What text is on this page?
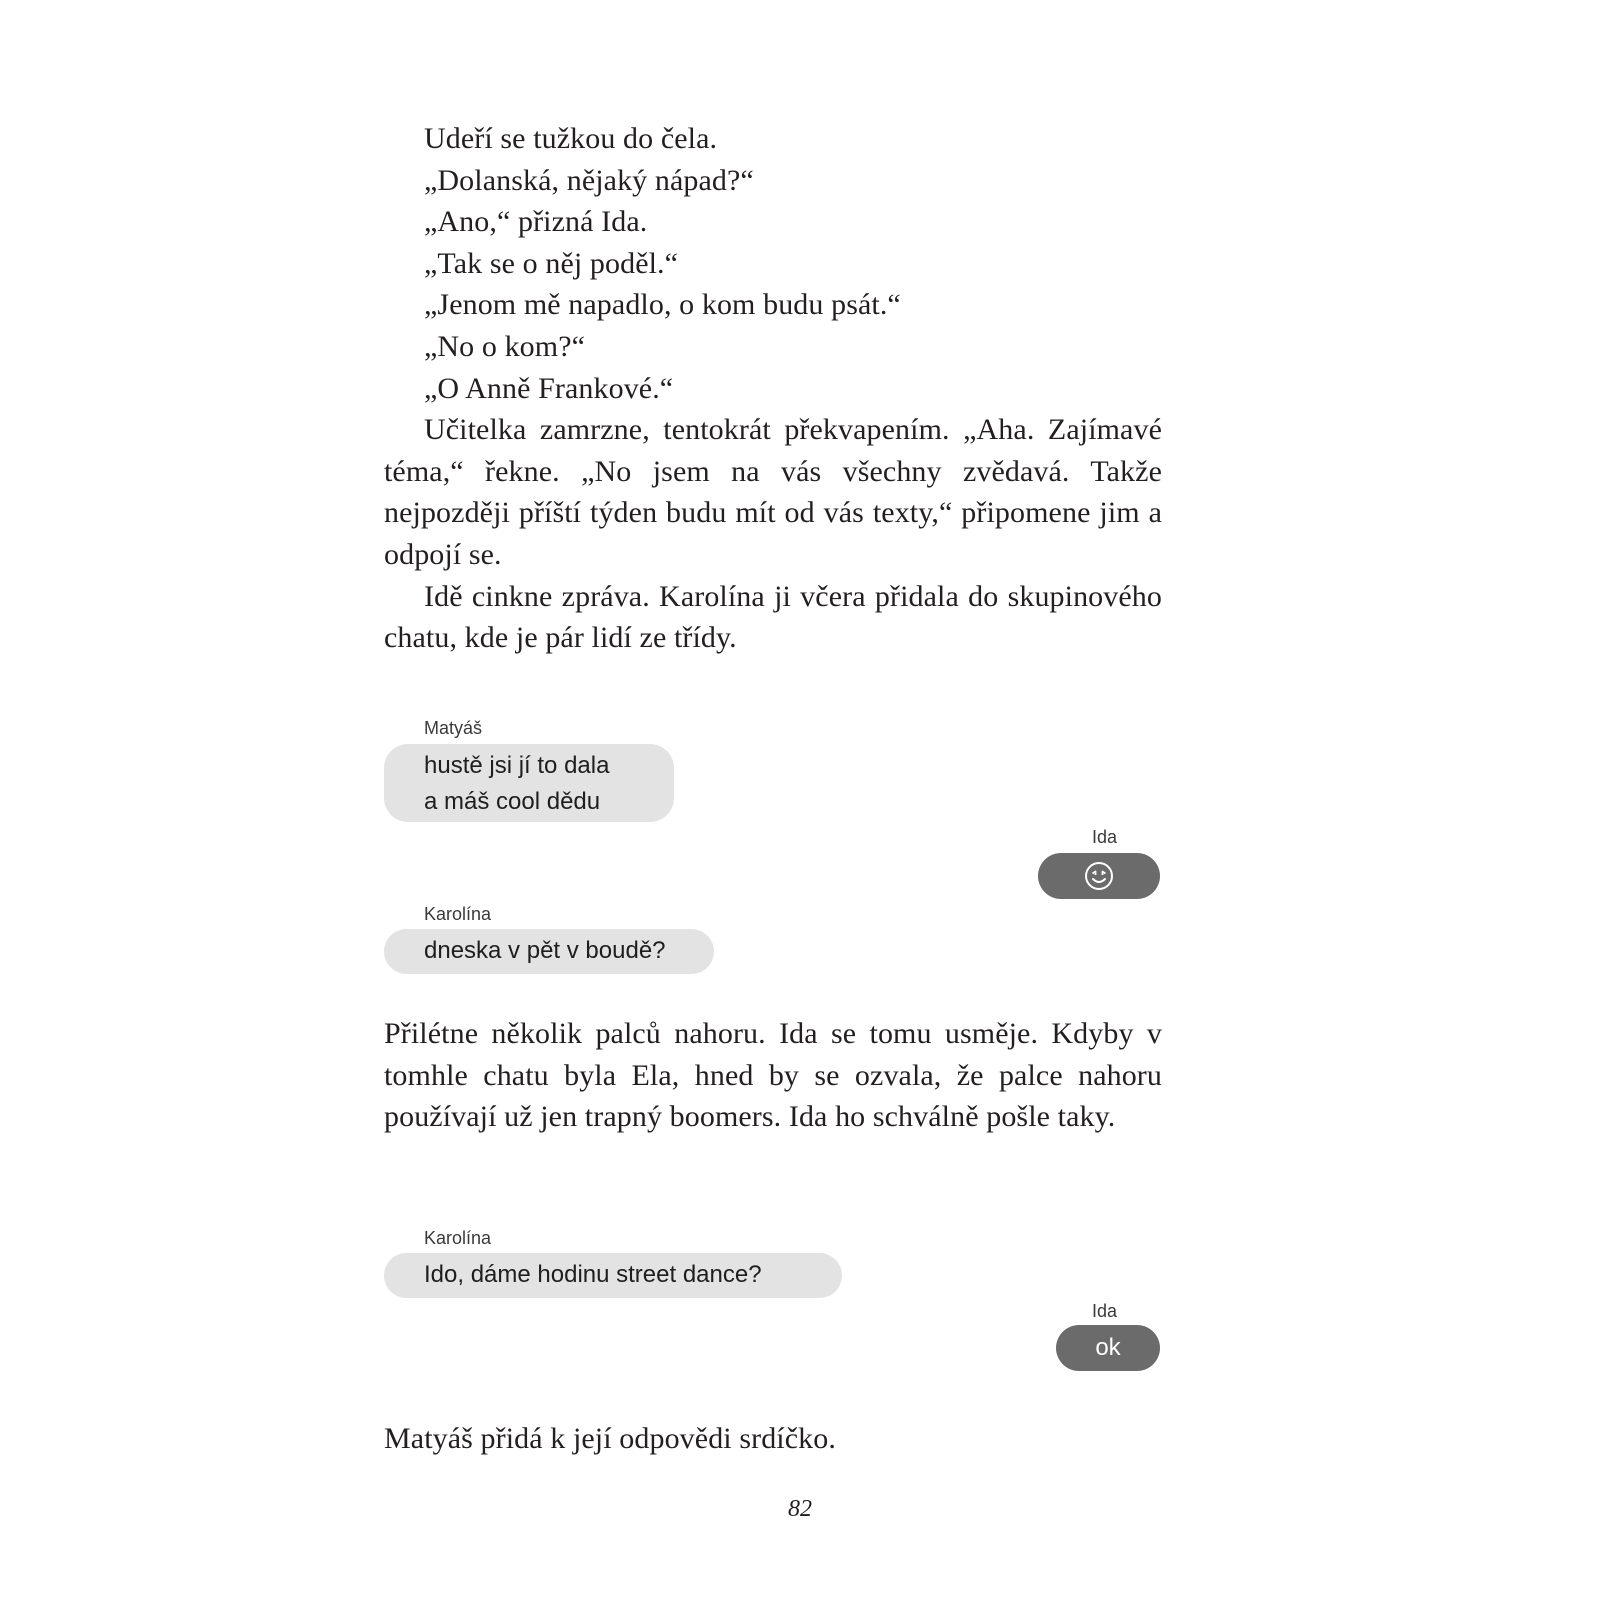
Udeří se tužkou do čela.

„Dolanská, nějaký nápad?“

„Ano,“ přizná Ida.

„Tak se o něj poděl.“

„Jenom mě napadlo, o kom budu psát.“

„No o kom?“

„O Anně Frankové.“

Učitelka zamrzne, tentokrát překvapením. „Aha. Zajímavé téma,“ řekne. „No jsem na vás všechny zvědavá. Takže nejpozději příští týden budu mít od vás texty,“ připomene jim a odpojí se.

Idě cinkne zpráva. Karolína ji včera přidala do skupinového chatu, kde je pár lidí ze třídy.

Matyáš
hustě jsi jí to dala
a máš cool dědu
Ida
Karolína
dneska v pět v boudě?

Přilétne několik palců nahoru. Ida se tomu usměje. Kdyby v tomhle chatu byla Ela, hned by se ozvala, že palce nahoru používají už jen trapný boomers. Ida ho schválně pošle taky.

Karolína
Ido, dáme hodinu street dance?
Ida
ok

Matyáš přidá k její odpovědi srdíčko.

82
